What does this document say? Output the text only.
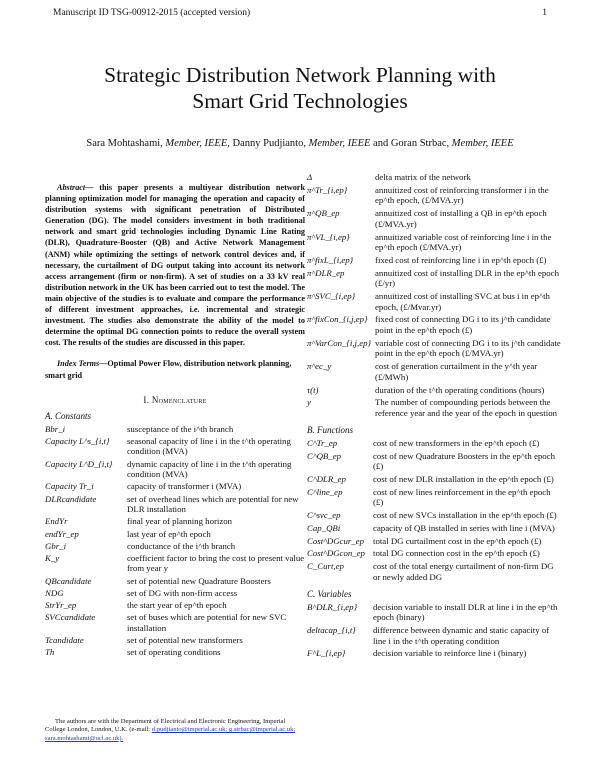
Manuscript ID TSG-00912-2015 (accepted version)	1
Strategic Distribution Network Planning with
Smart Grid Technologies
Sara Mohtashami, Member, IEEE, Danny Pudjianto, Member, IEEE and Goran Strbac, Member, IEEE

Abstract— this paper presents a multiyear distribution network planning optimization model for managing the operation and capacity of distribution systems with significant penetration of Distributed Generation (DG). The model considers investment in both traditional network and smart grid technologies including Dynamic Line Rating (DLR), Quadrature-Booster (QB) and Active Network Management (ANM) while optimizing the settings of network control devices and, if necessary, the curtailment of DG output taking into account its network access arrangement (firm or non-firm). A set of studies on a 33 kV real distribution network in the UK has been carried out to test the model. The main objective of the studies is to evaluate and compare the performance of different investment approaches, i.e. incremental and strategic investment. The studies also demonstrate the ability of the model to determine the optimal DG connection points to reduce the overall system cost. The results of the studies are discussed in this paper.

Index Terms—Optimal Power Flow, distribution network planning, smart grid

I. Nomenclature
A. Constants
Bbr_i	susceptance of the i^th branch
Capacity L^s_{i,t}	seasonal capacity of line i in the t^th operating condition (MVA)
Capacity L^D_{i,t}	dynamic capacity of line i in the t^th operating condition (MVA)
Capacity Tr_i	capacity of transformer i (MVA)
DLRcandidate	set of overhead lines which are potential for new DLR installation
EndYr	final year of planning horizon
endYr_ep	last year of ep^th epoch
Gbr_i	conductance of the i^th branch
K_y	coefficient factor to bring the cost to present value from year y
QBcandidate	set of potential new Quadrature Boosters
NDG	set of DG with non-firm access
StrYr_ep	the start year of ep^th epoch
SVCcandidate	set of buses which are potential for new SVC installation
Tcandidate	set of potential new transformers
Th	set of operating conditions
Δ	delta matrix of the network
π^Tr_{i,ep}	annuitized cost of reinforcing transformer i in the ep^th epoch, (£/MVA.yr)
π^QB_ep	annuitized cost of installing a QB in ep^th epoch (£/MVA.yr)
π^VL_{i,ep}	annuitized variable cost of reinforcing line i in the ep^th epoch (£/MVA.yr)
π^fixL_{i,ep}	fixed cost of reinforcing line i in ep^th epoch (£)
π^DLR_ep	annuitized cost of installing DLR in the ep^th epoch (£/yr)
π^SVC_{i,ep}	annuitized cost of installing SVC at bus i in ep^th epoch, (£/Mvar.yr)
π^fixCon_{i,j,ep}	fixed cost of connecting DG i to its j^th candidate point in the ep^th epoch (£)
π^VarCon_{i,j,ep}	variable cost of connecting DG i to its j^th candidate point in the ep^th epoch (£/MVA.yr)
π^ec_y	cost of generation curtailment in the y^th year (£/MWh)
τ(t)	duration of the t^th operating conditions (hours)
y	The number of compounding periods between the reference year and the year of the epoch in question
B. Functions
C^Tr_ep	cost of new transformers in the ep^th epoch (£)
C^QB_ep	cost of new Quadrature Boosters in the ep^th epoch (£)
C^DLR_ep	cost of new DLR installation in the ep^th epoch (£)
C^line_ep	cost of new lines reinforcement in the ep^th epoch (£)
C^svc_ep	cost of new SVCs installation in the ep^th epoch (£)
Cap_QBi	capacity of QB installed in series with line i (MVA)
Cost^DGcur_ep	total DG curtailment cost in the ep^th epoch (£)
Cost^DGcon_ep	total DG connection cost in the ep^th epoch (£)
C_Curt,ep	cost of the total energy curtailment of non-firm DG or newly added DG
C. Variables
B^DLR_{i,ep}	decision variable to install DLR at line i in the ep^th epoch (binary)
deltacap_{i,t}	difference between dynamic and static capacity of line i in the t^th operating condition
F^L_{i,ep}	decision variable to reinforce line i (binary)
The authors are with the Department of Electrical and Electronic Engineering, Imperial College London, London, U.K. (e-mail: d.pudjianto@imperial.ac.uk; g.strbac@imperial.ac.uk; sara.mohtashami@ucl.ac.uk).
